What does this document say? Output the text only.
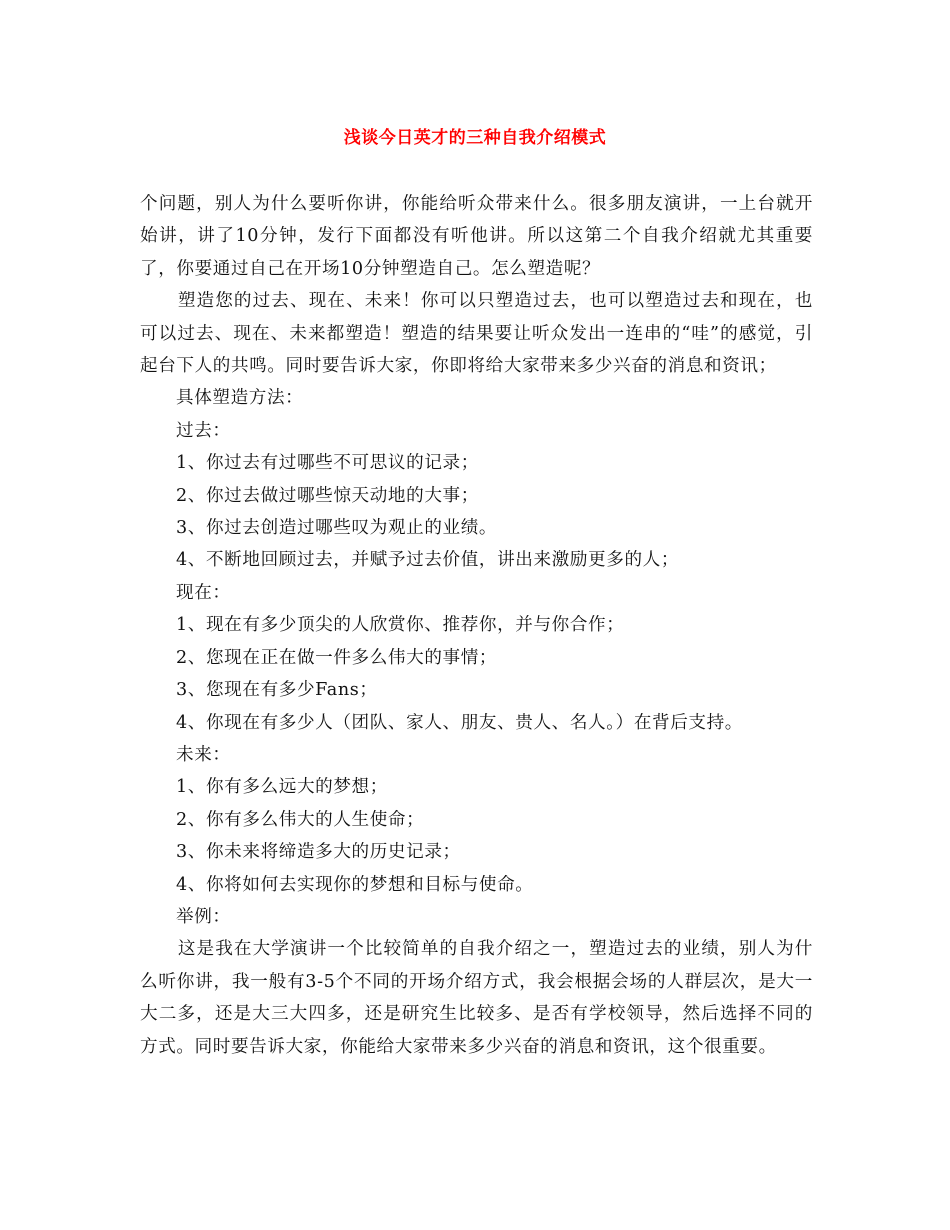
浅谈今日英才的三种自我介绍模式

个问题，别人为什么要听你讲，你能给听众带来什么。很多朋友演讲，一上台就开始讲，讲了10分钟，发行下面都没有听他讲。所以这第二个自我介绍就尤其重要了，你要通过自己在开场10分钟塑造自己。怎么塑造呢？

塑造您的过去、现在、未来！你可以只塑造过去，也可以塑造过去和现在，也可以过去、现在、未来都塑造！塑造的结果要让听众发出一连串的“哇”的感觉，引起台下人的共鸣。同时要告诉大家，你即将给大家带来多少兴奋的消息和资讯；

具体塑造方法：

过去：

1、你过去有过哪些不可思议的记录；

2、你过去做过哪些惊天动地的大事；

3、你过去创造过哪些叹为观止的业绩。

4、不断地回顾过去，并赋予过去价值，讲出来激励更多的人；

现在：

1、现在有多少顶尖的人欣赏你、推荐你，并与你合作；

2、您现在正在做一件多么伟大的事情；

3、您现在有多少Fans；

4、你现在有多少人（团队、家人、朋友、贵人、名人。）在背后支持。

未来：

1、你有多么远大的梦想；

2、你有多么伟大的人生使命；

3、你未来将缔造多大的历史记录；

4、你将如何去实现你的梦想和目标与使命。

举例：

这是我在大学演讲一个比较简单的自我介绍之一，塑造过去的业绩，别人为什么听你讲，我一般有3-5个不同的开场介绍方式，我会根据会场的人群层次，是大一大二多，还是大三大四多，还是研究生比较多、是否有学校领导，然后选择不同的方式。同时要告诉大家，你能给大家带来多少兴奋的消息和资讯，这个很重要。
